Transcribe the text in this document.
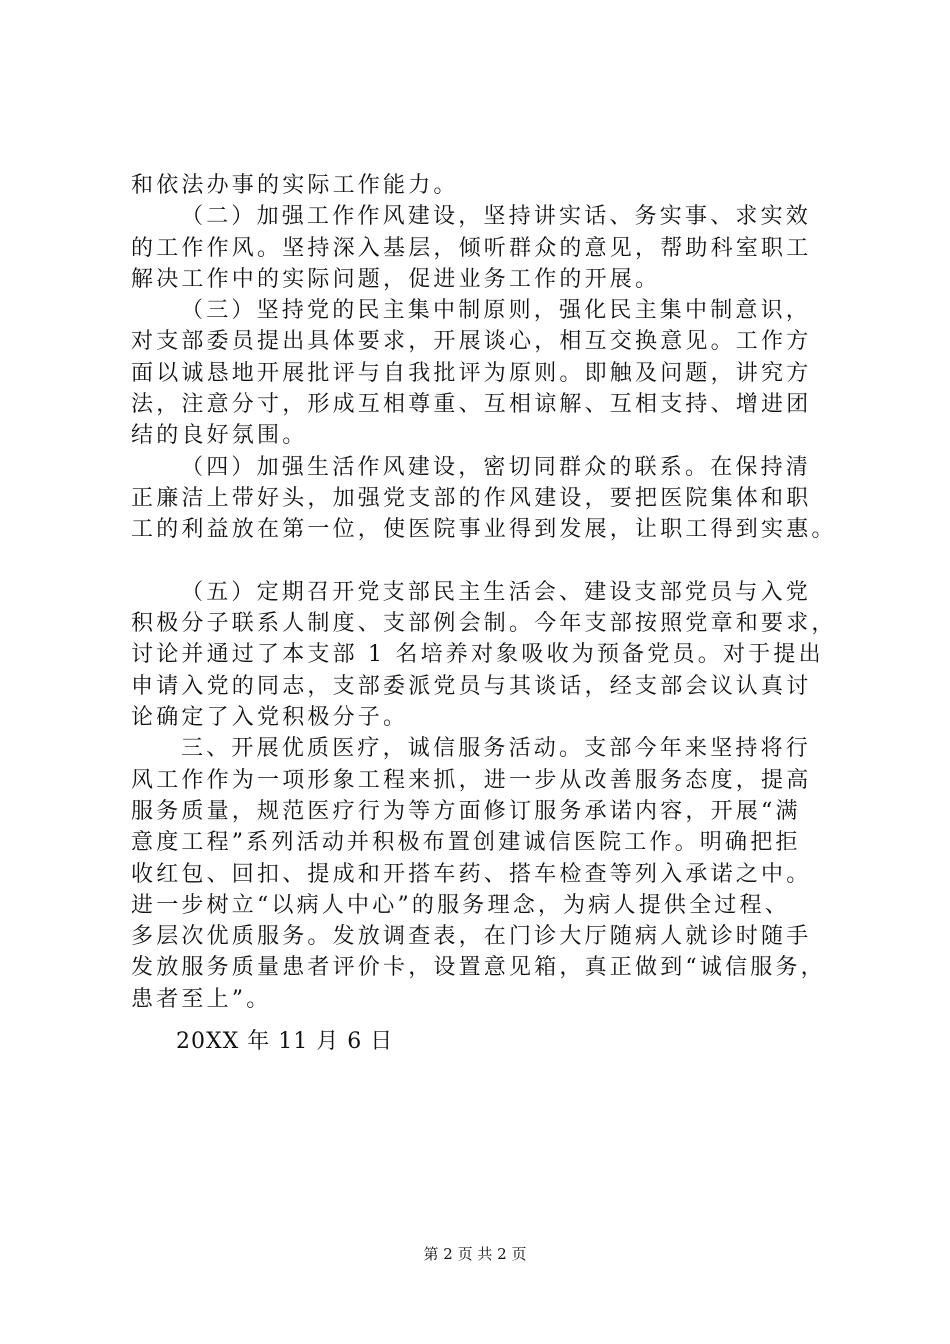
和依法办事的实际工作能力。
（二）加强工作作风建设，坚持讲实话、务实事、求实效
的工作作风。坚持深入基层，倾听群众的意见，帮助科室职工
解决工作中的实际问题，促进业务工作的开展。
（三）坚持党的民主集中制原则，强化民主集中制意识，
对支部委员提出具体要求，开展谈心，相互交换意见。工作方
面以诚恳地开展批评与自我批评为原则。即触及问题，讲究方
法，注意分寸，形成互相尊重、互相谅解、互相支持、增进团
结的良好氛围。
（四）加强生活作风建设，密切同群众的联系。在保持清
正廉洁上带好头，加强党支部的作风建设，要把医院集体和职
工的利益放在第一位，使医院事业得到发展，让职工得到实惠。
（五）定期召开党支部民主生活会、建设支部党员与入党
积极分子联系人制度、支部例会制。今年支部按照党章和要求，
讨论并通过了本支部 1 名培养对象吸收为预备党员。对于提出
申请入党的同志，支部委派党员与其谈话，经支部会议认真讨
论确定了入党积极分子。
三、开展优质医疗，诚信服务活动。支部今年来坚持将行
风工作作为一项形象工程来抓，进一步从改善服务态度，提高
服务质量，规范医疗行为等方面修订服务承诺内容，开展“满
意度工程”系列活动并积极布置创建诚信医院工作。明确把拒
收红包、回扣、提成和开搭车药、搭车检查等列入承诺之中。
进一步树立“以病人中心”的服务理念，为病人提供全过程、
多层次优质服务。发放调查表，在门诊大厅随病人就诊时随手
发放服务质量患者评价卡，设置意见箱，真正做到“诚信服务，
患者至上”。
20XX 年 11 月 6 日
第 2 页 共 2 页
